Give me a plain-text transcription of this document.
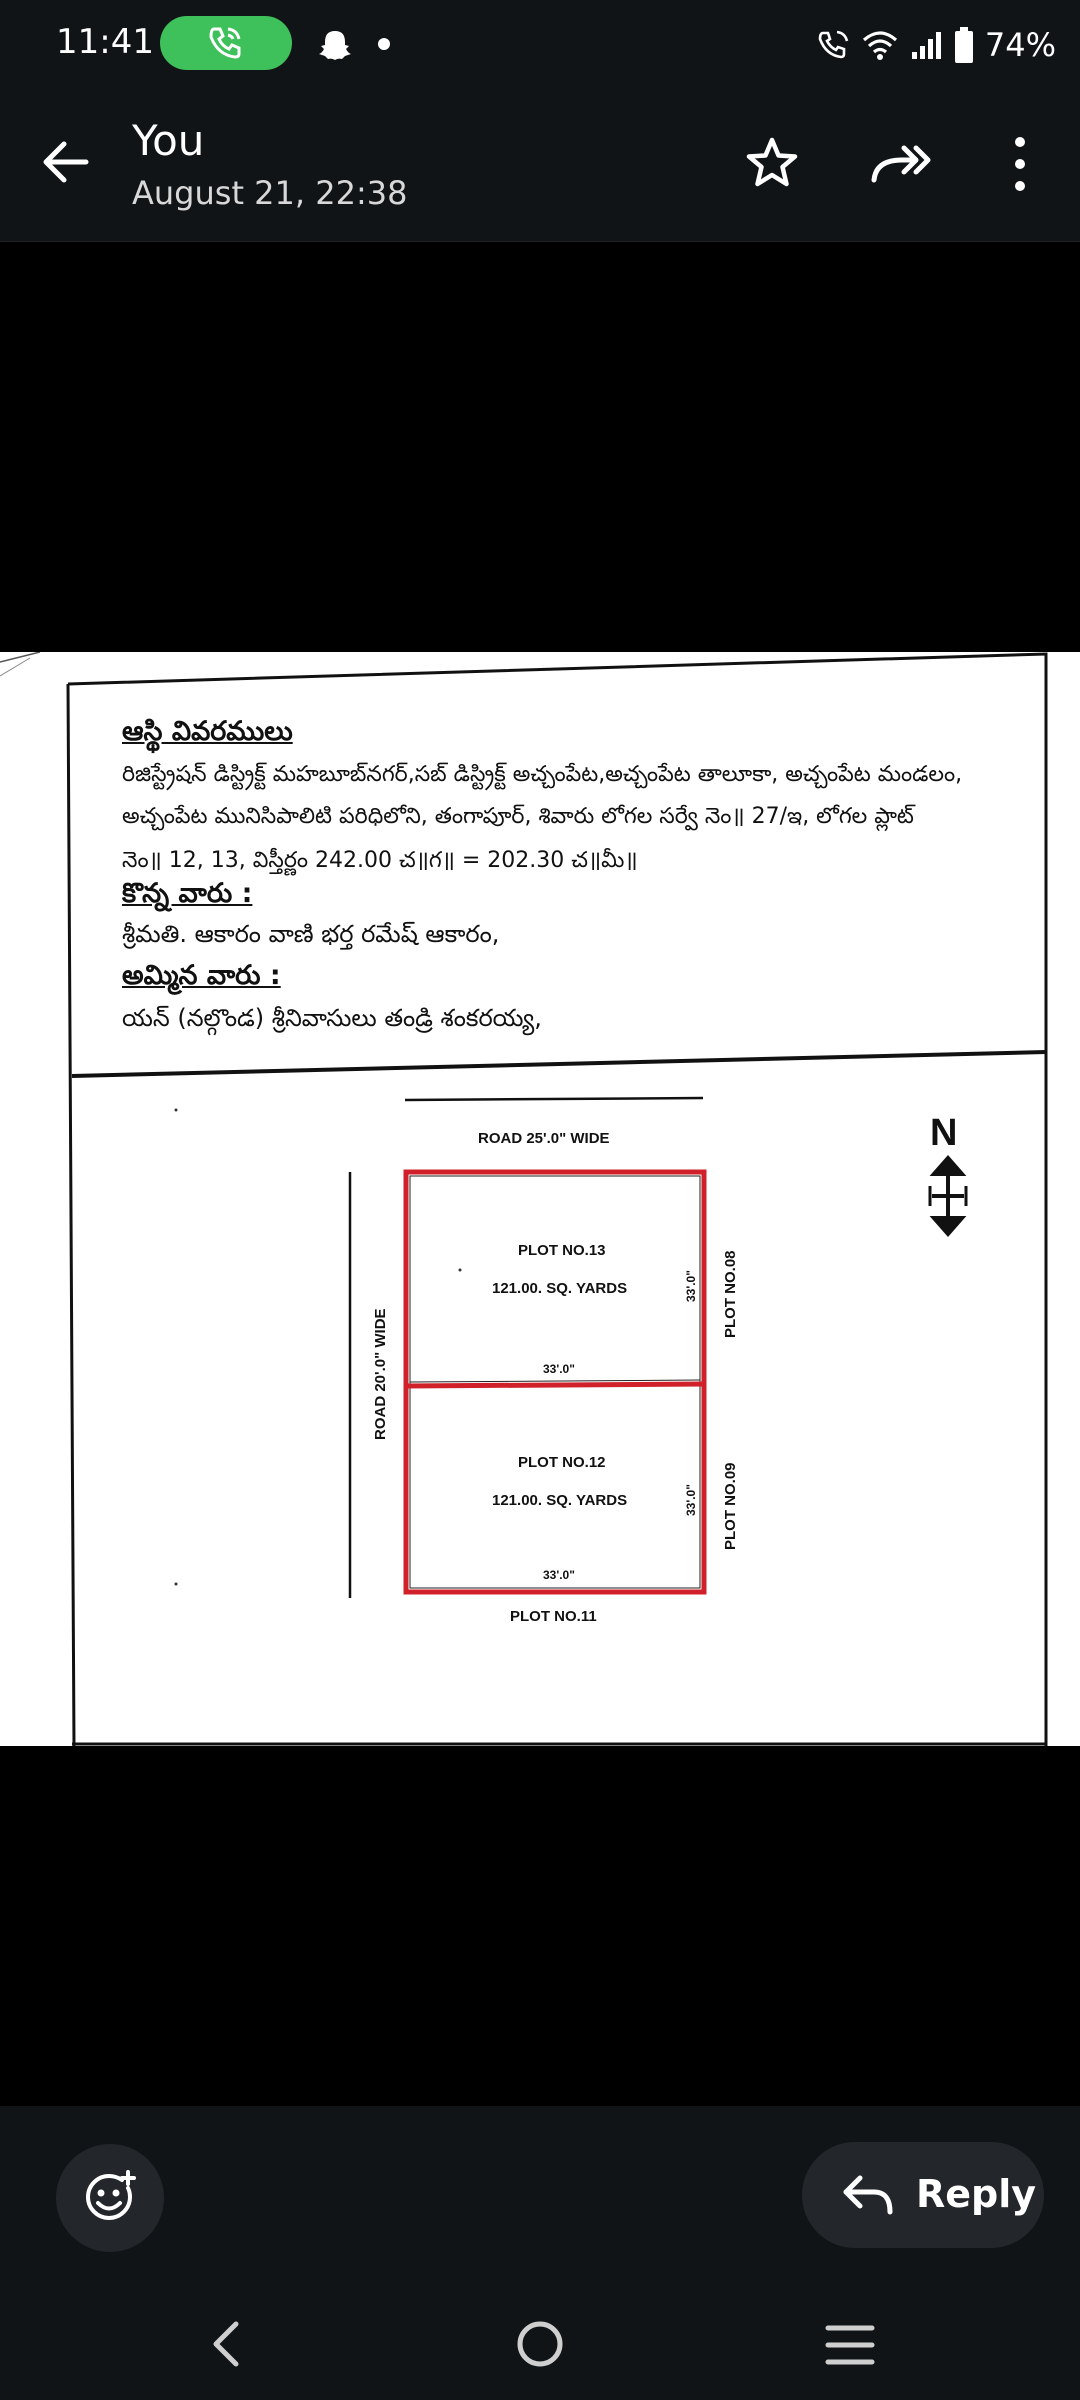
11:41	74%
You
August 21, 22:38
ఆస్థి వివరములు
రిజిస్ట్రేషన్ డిస్ట్రిక్ట్ మహబూబ్‌నగర్,సబ్ డిస్ట్రిక్ట్ అచ్చంపేట,అచ్చంపేట తాలూకా, అచ్చంపేట మండలం,
అచ్చంపేట మునిసిపాలిటి పరిధిలోని, తంగాపూర్, శివారు లోగల సర్వే నెం॥ 27/ఇ, లోగల ప్లాట్
నెం॥ 12, 13, విస్తీర్ణం 242.00 చ॥గ॥ = 202.30 చ॥మీ॥
కొన్న వారు :
శ్రీమతి. ఆకారం వాణి భర్త రమేష్ ఆకారం,
అమ్మిన వారు :
యన్ (నల్గొండ) శ్రీనివాసులు తండ్రి శంకరయ్య,
ROAD 25'.0" WIDE
ROAD 20'.0" WIDE
PLOT NO.13
121.00. SQ. YARDS
33'.0"
PLOT NO.12
121.00. SQ. YARDS
33'.0"
33'.0"
33'.0"
PLOT NO.08
PLOT NO.09
PLOT NO.11
N
Reply
